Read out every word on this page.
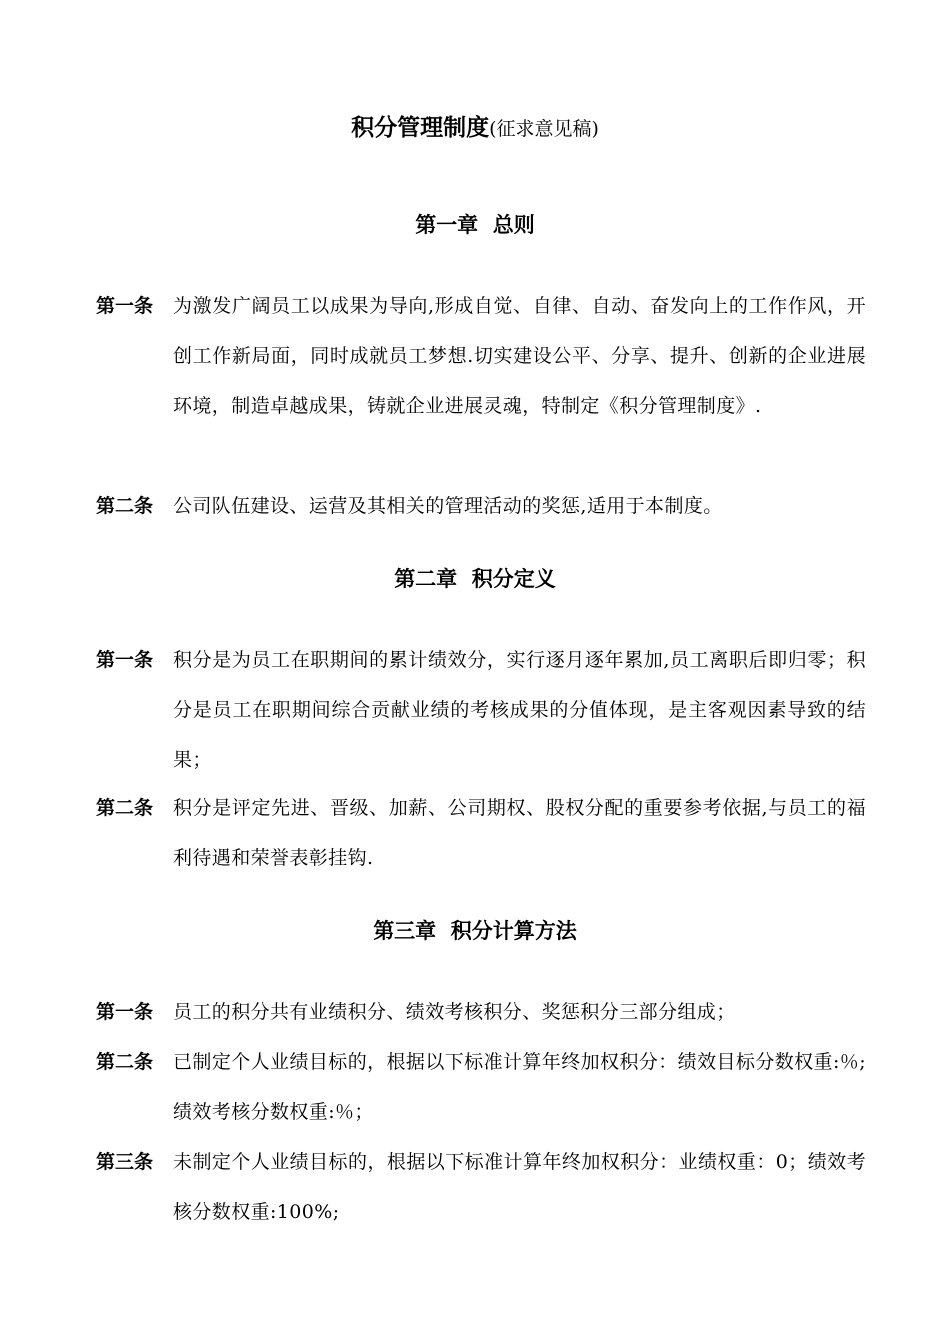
积分管理制度(征求意见稿)
第一章  总则
第一条 为激发广阔员工以成果为导向,形成自觉、自律、自动、奋发向上的工作作风，开创工作新局面，同时成就员工梦想.切实建设公平、分享、提升、创新的企业进展环境，制造卓越成果，铸就企业进展灵魂，特制定《积分管理制度》.
第二条 公司队伍建设、运营及其相关的管理活动的奖惩,适用于本制度。
第二章  积分定义
第一条 积分是为员工在职期间的累计绩效分，实行逐月逐年累加,员工离职后即归零；积分是员工在职期间综合贡献业绩的考核成果的分值体现，是主客观因素导致的结果；
第二条 积分是评定先进、晋级、加薪、公司期权、股权分配的重要参考依据,与员工的福利待遇和荣誉表彰挂钩.
第三章  积分计算方法
第一条 员工的积分共有业绩积分、绩效考核积分、奖惩积分三部分组成；
第二条 已制定个人业绩目标的，根据以下标准计算年终加权积分：绩效目标分数权重:％;绩效考核分数权重:％；
第三条 未制定个人业绩目标的，根据以下标准计算年终加权积分：业绩权重：0；绩效考核分数权重:100%;
